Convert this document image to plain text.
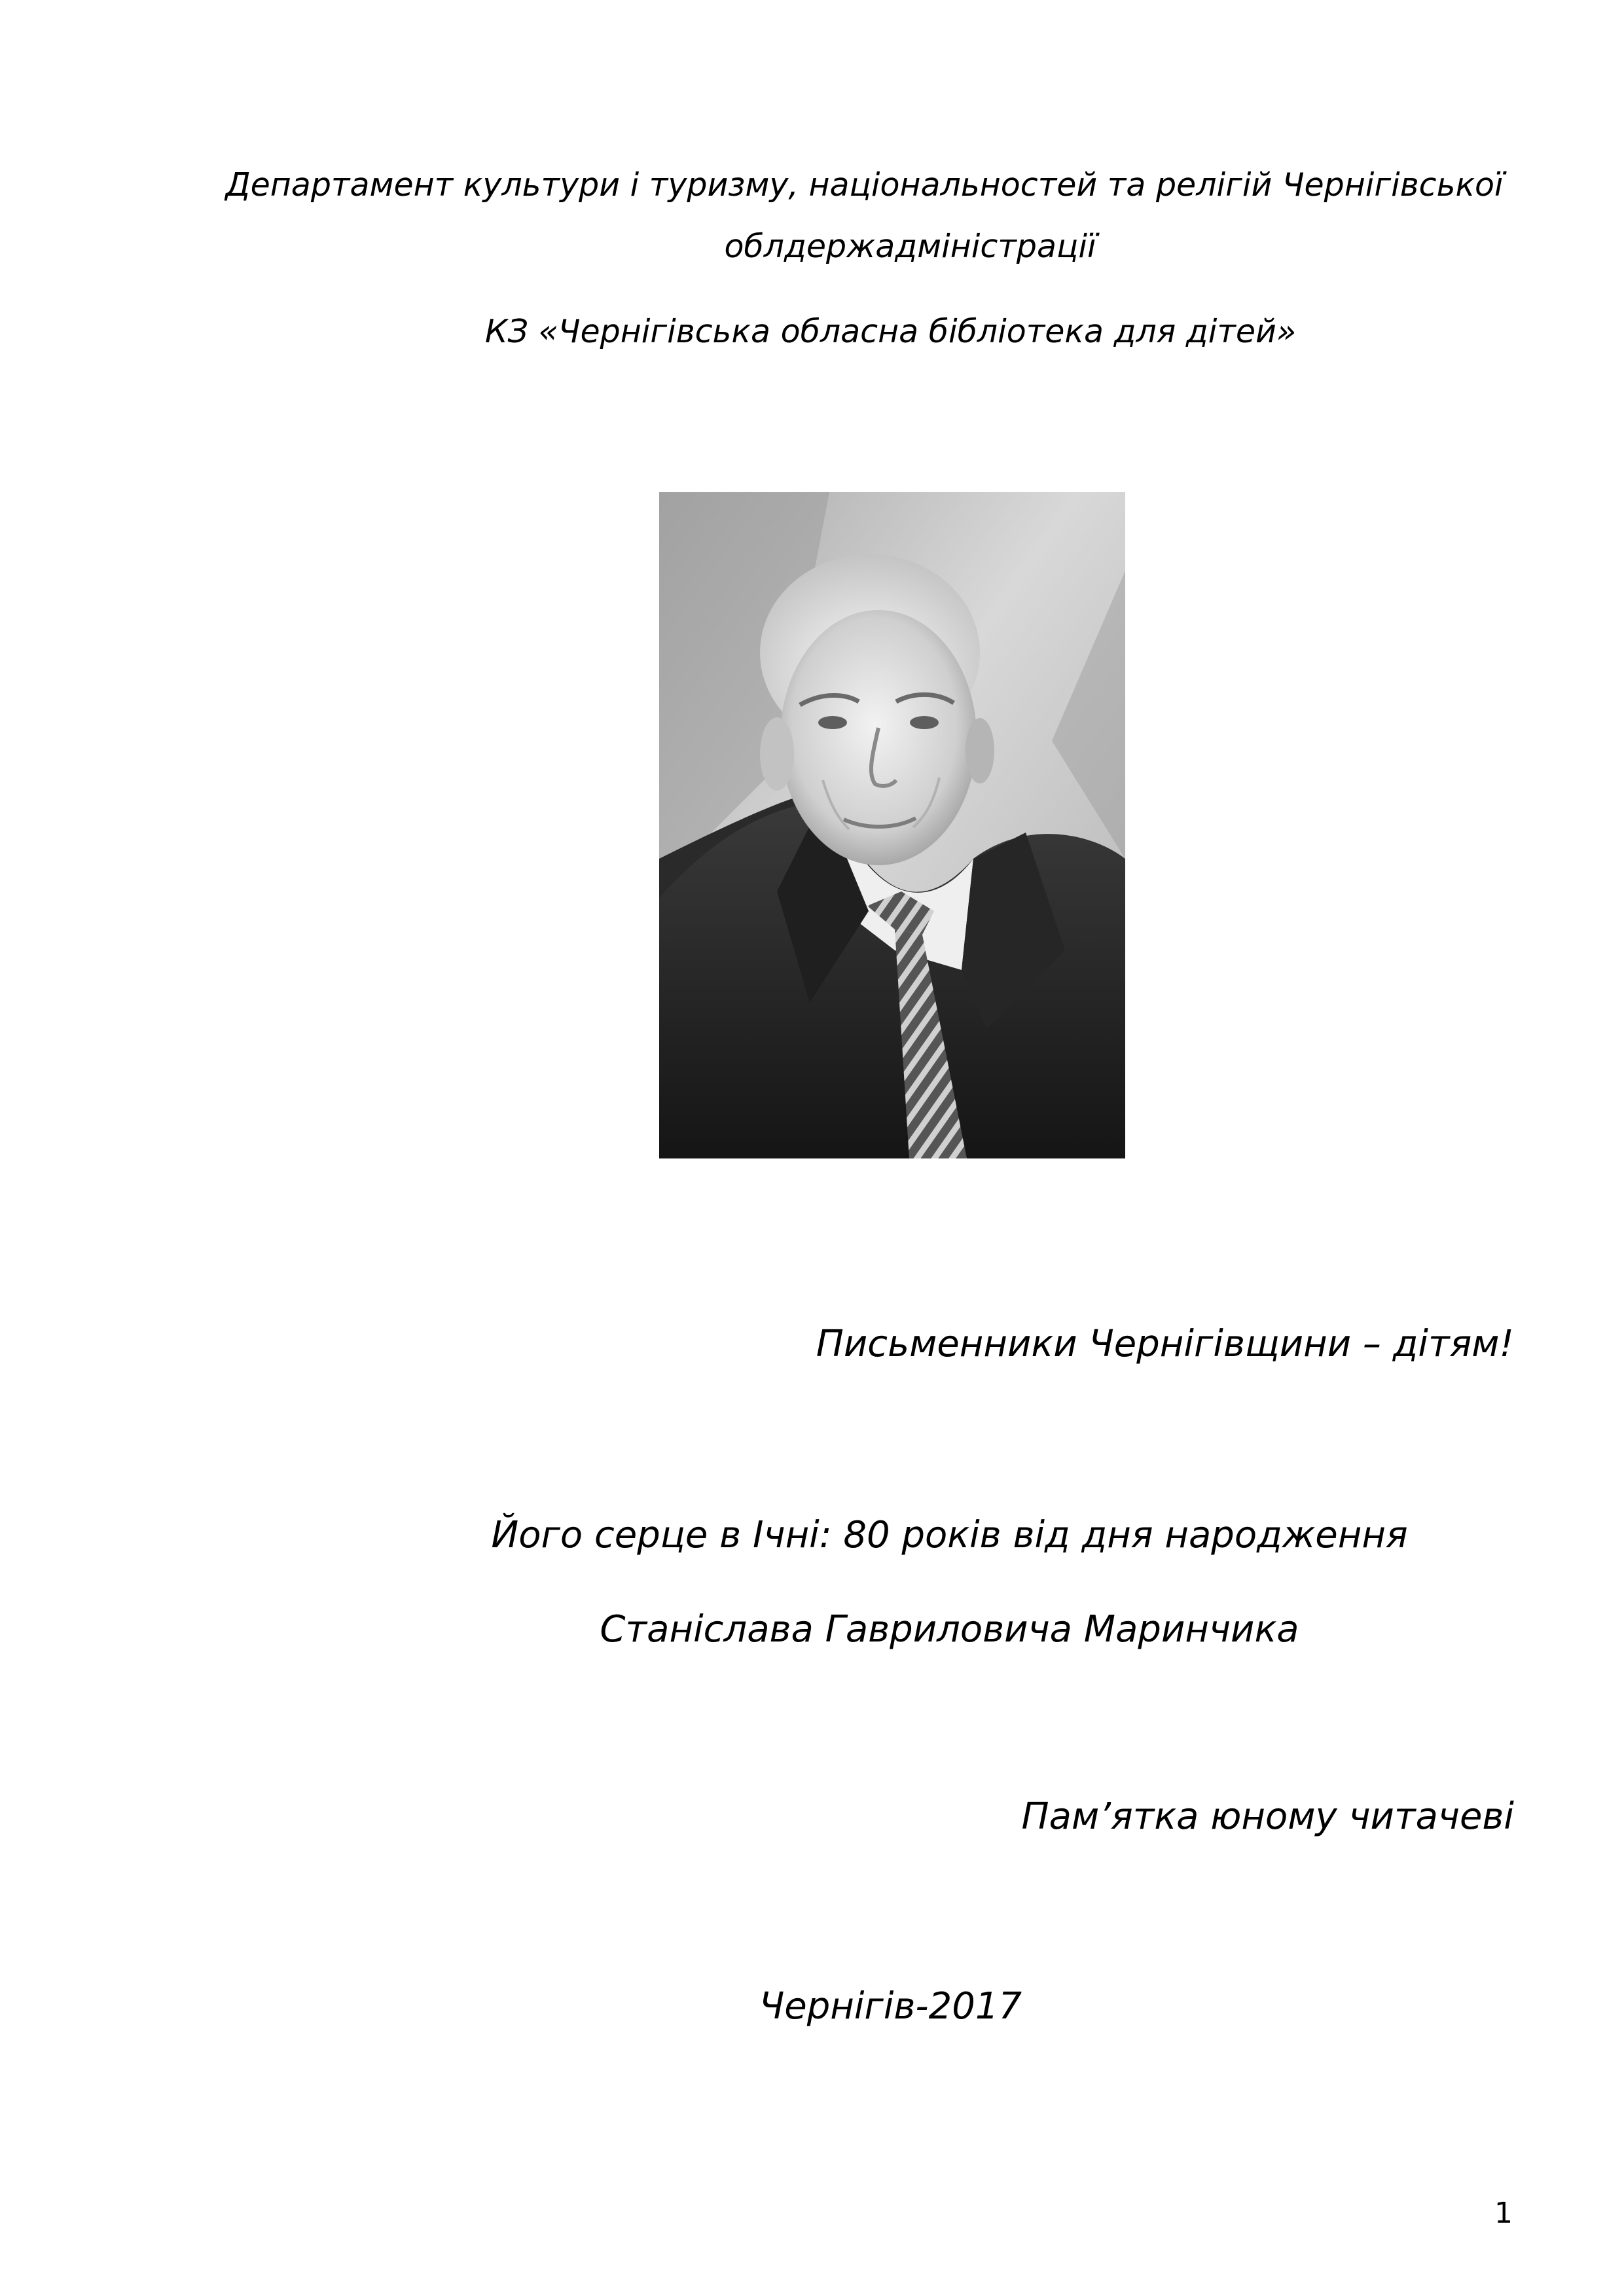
Департамент культури і туризму, національностей та релігій Чернігівської
облдержадміністрації
КЗ «Чернігівська обласна бібліотека для дітей»
Письменники Чернігівщини – дітям!
Його серце в Ічні: 80 років від дня народження
Станіслава Гавриловича Маринчика
Пам’ятка юному читачеві
Чернігів-2017
1
